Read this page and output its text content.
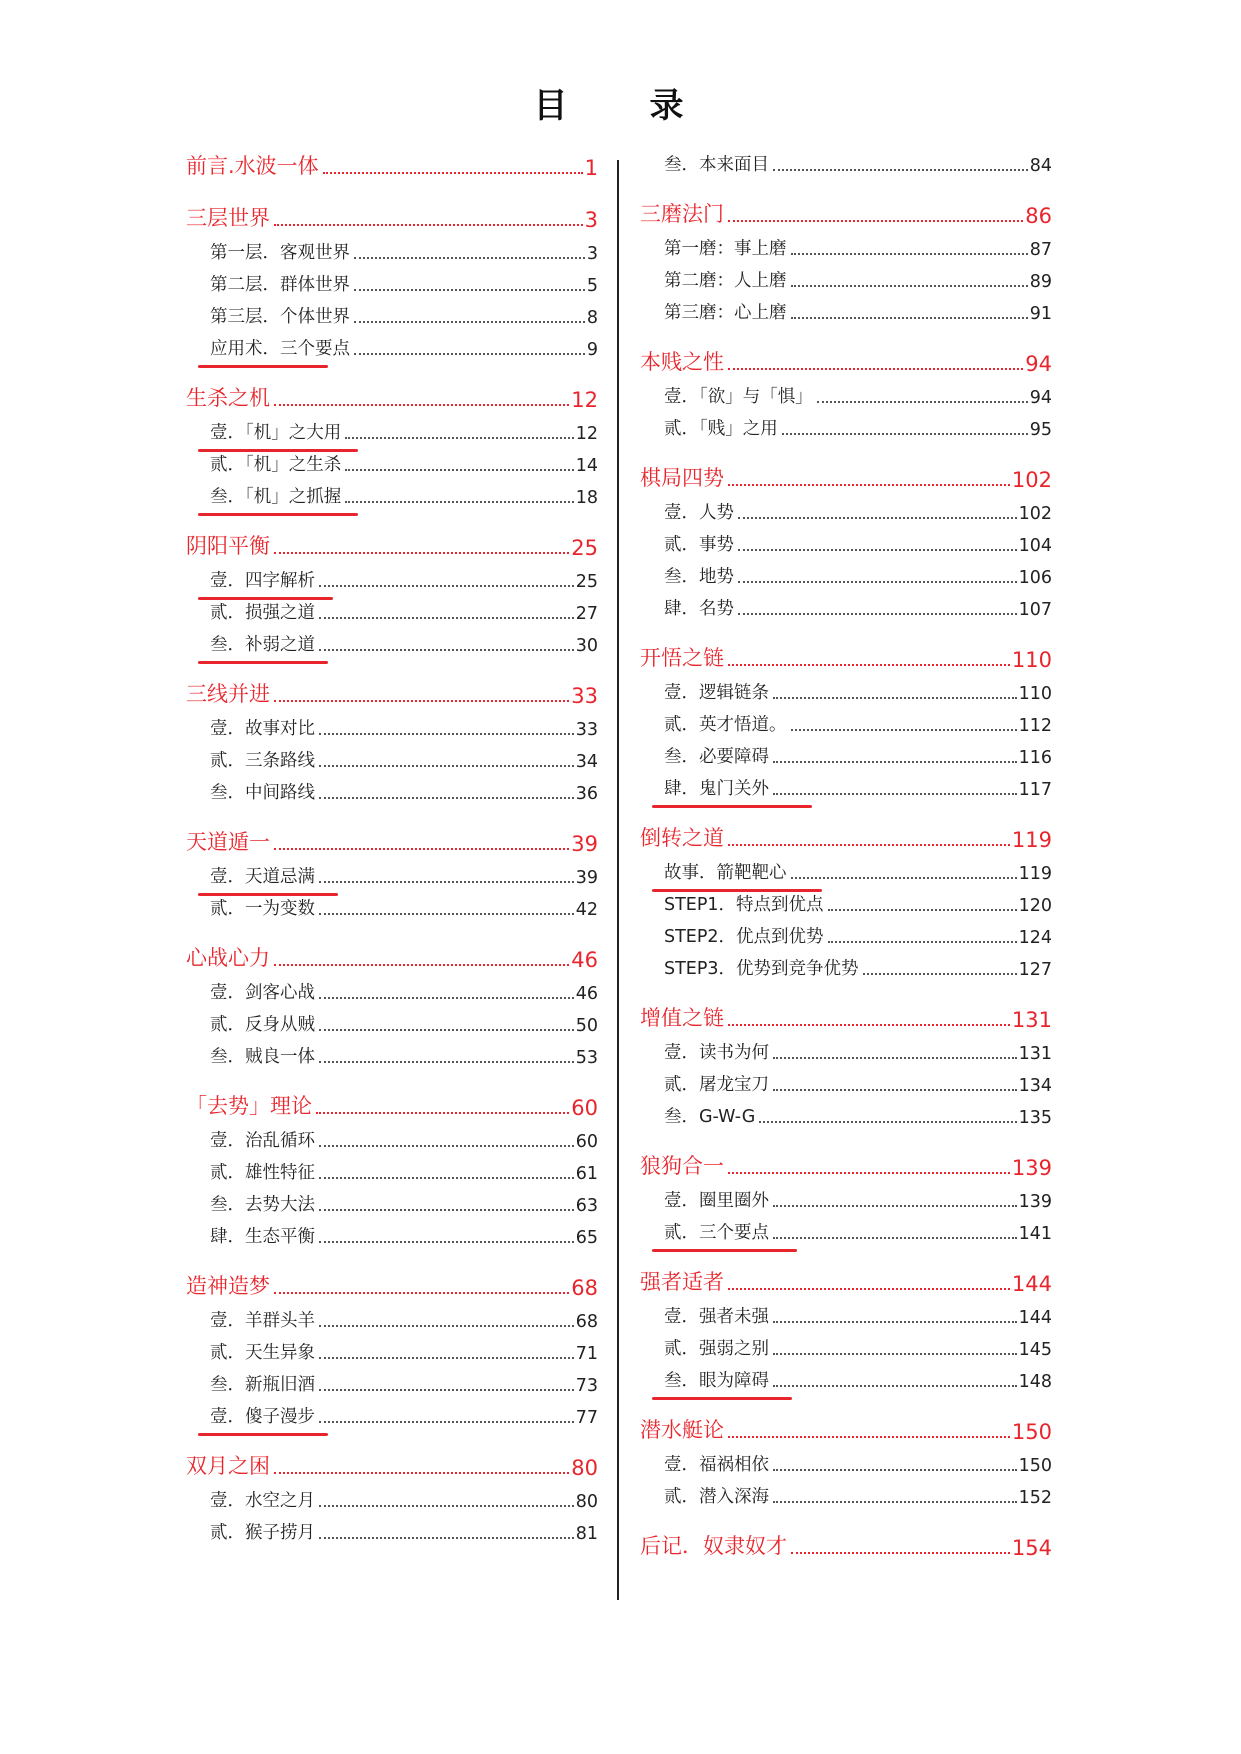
目　录
前言.水波一体	1
三层世界	3
第一层．客观世界	3
第二层．群体世界	5
第三层．个体世界	8
应用术．三个要点	9
生杀之机	12
壹．「机」之大用	12
贰．「机」之生杀	14
叁．「机」之抓握	18
阴阳平衡	25
壹．四字解析	25
贰．损强之道	27
叁．补弱之道	30
三线并进	33
壹．故事对比	33
贰．三条路线	34
叁．中间路线	36
天道遁一	39
壹．天道忌满	39
贰．一为变数	42
心战心力	46
壹．剑客心战	46
贰．反身从贼	50
叁．贼良一体	53
「去势」理论	60
壹．治乱循环	60
贰．雄性特征	61
叁．去势大法	63
肆．生态平衡	65
造神造梦	68
壹．羊群头羊	68
贰．天生异象	71
叁．新瓶旧酒	73
壹．傻子漫步	77
双月之困	80
壹．水空之月	80
贰．猴子捞月	81
叁．本来面目	84
三磨法门	86
第一磨：事上磨	87
第二磨：人上磨	89
第三磨：心上磨	91
本贱之性	94
壹．「欲」与「惧」	94
贰．「贱」之用	95
棋局四势	102
壹．人势	102
贰．事势	104
叁．地势	106
肆．名势	107
开悟之链	110
壹．逻辑链条	110
贰．英才悟道。	112
叁．必要障碍	116
肆．鬼门关外	117
倒转之道	119
故事．箭靶靶心	119
STEP1．特点到优点	120
STEP2．优点到优势	124
STEP3．优势到竞争优势	127
增值之链	131
壹．读书为何	131
贰．屠龙宝刀	134
叁．G-W-G	135
狼狗合一	139
壹．圈里圈外	139
贰．三个要点	141
强者适者	144
壹．强者未强	144
贰．强弱之别	145
叁．眼为障碍	148
潜水艇论	150
壹．福祸相依	150
贰．潜入深海	152
后记．奴隶奴才	154
